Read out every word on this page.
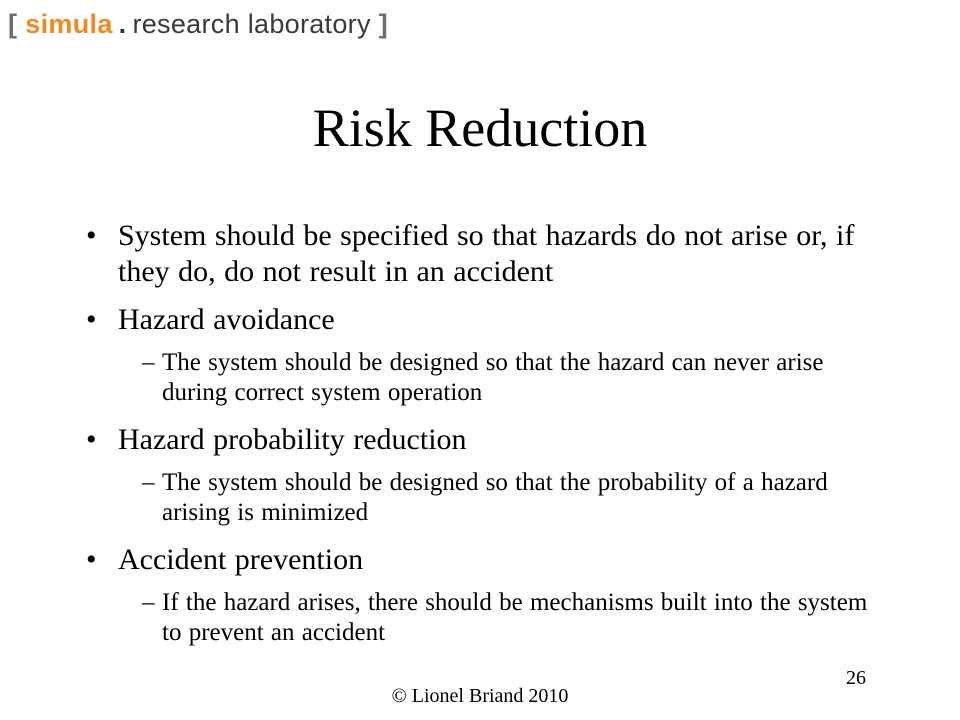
[ simula . research laboratory ]
Risk Reduction
• System should be specified so that hazards do not arise or, if they do, do not result in an accident
• Hazard avoidance
– The system should be designed so that the hazard can never arise during correct system operation
• Hazard probability reduction
– The system should be designed so that the probability of a hazard arising is minimized
• Accident prevention
– If the hazard arises, there should be mechanisms built into the system to prevent an accident
26
© Lionel Briand 2010
